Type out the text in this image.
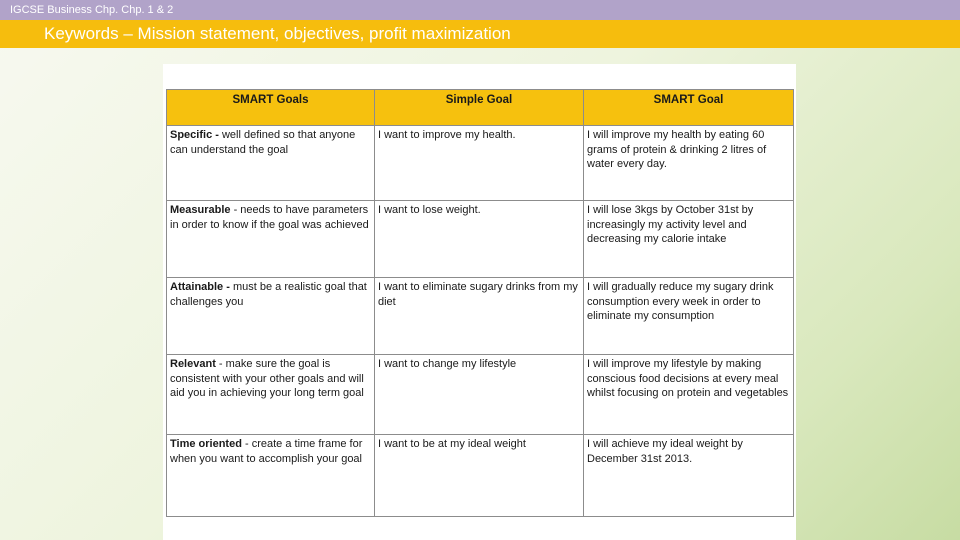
IGCSE Business Chp. Chp. 1 & 2
Keywords – Mission statement, objectives, profit maximization
SMART Goals	Simple Goal	SMART Goal
Specific - well defined so that anyone can understand the goal	I want to improve my health.	I will improve my health by eating 60 grams of protein & drinking 2 litres of water every day.
Measurable - needs to have parameters in order to know if the goal was achieved	I want to lose weight.	I will lose 3kgs by October 31st by increasingly my activity level and decreasing my calorie intake
Attainable - must be a realistic goal that challenges you	I want to eliminate sugary drinks from my diet	I will gradually reduce my sugary drink consumption every week in order to eliminate my consumption
Relevant - make sure the goal is consistent with your other goals and will aid you in achieving your long term goal	I want to change my lifestyle	I will improve my lifestyle by making conscious food decisions at every meal whilst focusing on protein and vegetables
Time oriented - create a time frame for when you want to accomplish your goal	I want to be at my ideal weight	I will achieve my ideal weight by December 31st 2013.
